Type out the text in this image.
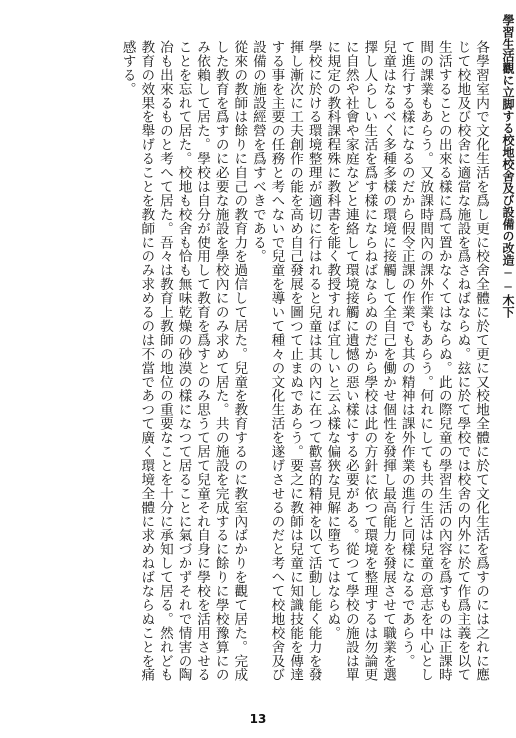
學習生活觀に立脚する校地校舍及び設備の改造──木下

各學習室内で文化生活を爲し更に校舍全體に於て更に又校地全體に於て文化生活を爲すのには之れに應じて校地及び校舍に適當な施設を爲さねばならぬ。玆に於て學校では校舍の内外に於て作爲主義を以て生活することの出來る樣に爲て置かなくてはならぬ。此の際兒童の學習生活の內容を爲すものは正課時間の課業もあらう。又放課時間內の課外作業もあらう。何れにしても共の生活は兒童の意志を中心として進行する樣になるのだから假令正課の作業でも其の精神は課外作業の進行と同樣になるであらう。

兒童はなるべく多種多樣の環境に接觸して全自己を働かせ個性を發揮し最高能力を發展させて職業を選擇し人らしい生活を爲す樣にならねばならぬのだから學校は此の方針に依つて環境を整理するは勿論更に自然や社會や家庭などと連絡して環境接觸に遺憾の惡い樣にする必要がある。從つて學校の施設は單に規定の教科課程殊に教科書を能く教授すれば宜しいと云ふ樣な偏狹な見解に墮ちてはならぬ。

學校に於ける環境整理が適切に行はれると兒童は其の內に在つて歡喜的精神を以て活動し能く能力を發揮し漸次に工夫創作の能を高め自己發展を圖つて止まぬであらう。要之に教師は兒童に知識技能を傳達する事を主要の任務と考へないで兒童を導いて種々の文化生活を遂げさせるのだと考へて校地校舍及び設備の施設經營を爲すべきである。

從來の教師は餘りに自己の教育力を過信して居た。兒童を教育するのに教室內ばかりを觀て居た。完成した教育を爲すのに必要な施設を學校內にのみ求めて居た。共の施設を完成するに餘りに學校豫算にのみ依賴して居た。學校は自分が使用して教育を爲すとのみ思うて居て兒童それ自身に學校を活用させることを忘れて居た。校地も校舍も恰も無味乾燥の砂漠の樣になつて居ることに氣づかずそれで情害の陶冶も出來るものと考へて居た。吾々は教育上教師の地位の重要なことを十分に承知して居る。然れども教育の效果を舉げることを教師にのみ求めるのは不當であつて廣く環境全體に求めねばならぬことを痛感する。

13
